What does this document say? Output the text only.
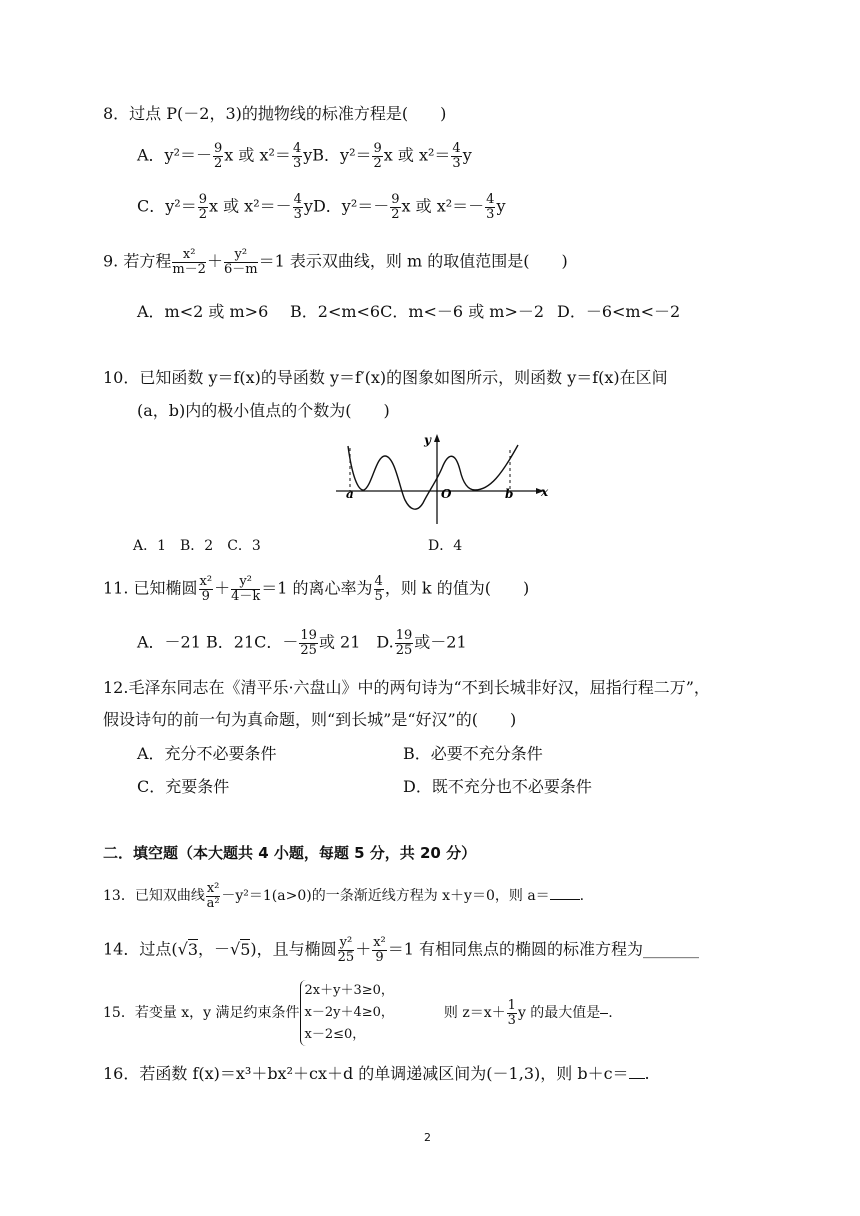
8．过点 P(－2，3)的抛物线的标准方程是(　　)
A．$y^2=- \frac{9}{2}$ x 或 $x^2= \frac{4}{3}$ yB．$y^2= \frac{9}{2}$ x 或 $x^2= \frac{4}{3}$ y
C．$y^2= \frac{9}{2}$ x 或 $x^2=- \frac{4}{3}$ yD．$y^2=- \frac{9}{2}$ x 或 $x^2=- \frac{4}{3}$ y
9. 若方程 $\frac{\text{x²}}{m-2} + \frac{\text{y²}}{6-m} =1$ 表示双曲线，则 m 的取值范围是(　　)
A．m<2 或 m>6 B．2<m<6C．m<－6 或 m>－2 D．－6<m<－2
10．已知函数 y＝f(x)的导函数 y＝f′(x)的图象如图所示，则函数 y＝f(x)在区间
(a，b)内的极小值点的个数为(　　)
y
x
O
a	b
A．1　B．2　C．3	D．4
11. 已知椭圆 $\frac{\text{x²}}{9} + \frac{\text{y²}}{4-k} =1$ 的离心率为 $\frac{4}{5}$ ，则 k 的值为(　　)
A．－21 B．21C．－ $\frac{19}{25}$ 或 21　 D. $\frac{19}{25}$ 或－21
12.毛泽东同志在《清平乐·六盘山》中的两句诗为“不到长城非好汉，屈指行程二万”，
假设诗句的前一句为真命题，则“到长城”是“好汉”的(　　)
A．充分不必要条件	B．必要不充分条件
C．充要条件	D．既不充分也不必要条件
二．填空题（本大题共 4 小题，每题 5 分，共 20 分）
13．已知双曲线 $\frac{\text{x²}}{\text{a²}} -y^2=1(a>0)$的一条渐近线方程为 x＋y＝0，则 a＝ .
14．过点(√3，－√5)，且与椭圆 $\frac{\text{y²}}{25} + \frac{\text{x²}}{9} =1$ 有相同焦点的椭圆的标准方程为_______
15．若变量 x，y 满足约束条件
2x＋y＋3≥0，
x－2y＋4≥0，
x－2≤0，
则 $z=x+ \frac{1}{3}$ y 的最大值是 .
16．若函数 f(x)＝x³＋bx²＋cx＋d 的单调递减区间为(－1,3)，则 b＋c＝ .
2
